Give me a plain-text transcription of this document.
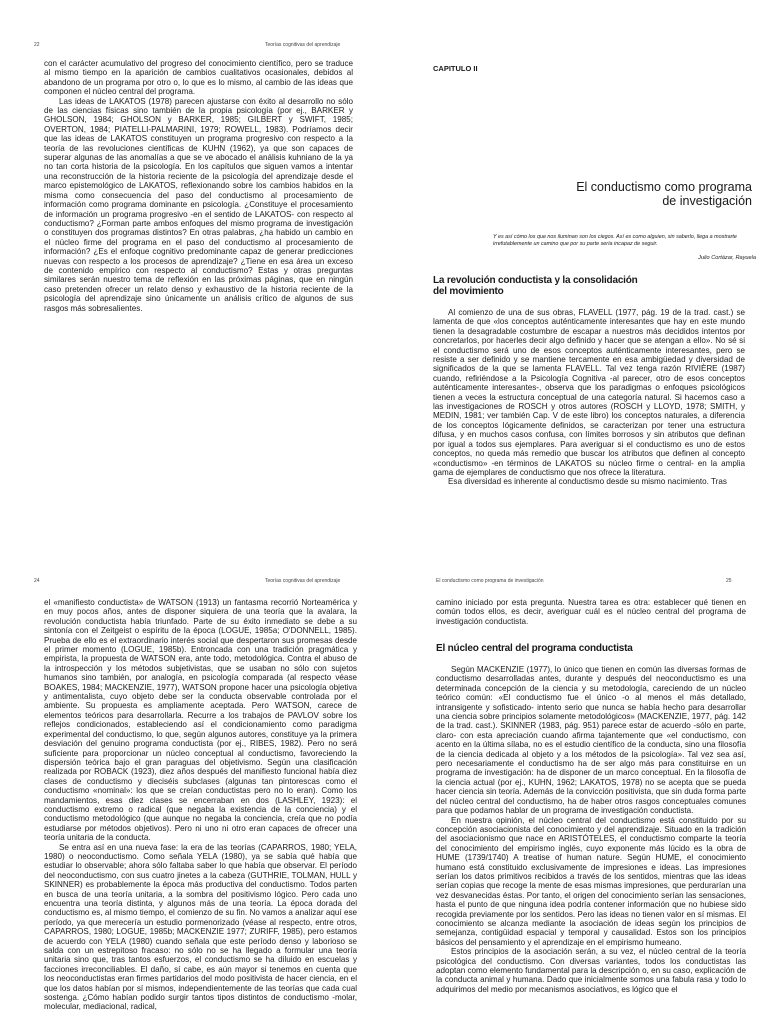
22	Teorías cognitivas del aprendizaje

con el carácter acumulativo del progreso del conocimiento científico, pero se traduce al mismo tiempo en la aparición de cambios cualitativos ocasionales, debidos al abandono de un programa por otro o, lo que es lo mismo, al cambio de las ideas que componen el núcleo central del programa.

Las ideas de LAKATOS (1978) parecen ajustarse con éxito al desarrollo no sólo de las ciencias físicas sino también de la propia psicología (por ej., BARKER y GHOLSON, 1984; GHOLSON y BARKER, 1985; GILBERT y SWIFT, 1985; OVERTON, 1984; PIATELLI-PALMARINI, 1979; ROWELL, 1983). Podríamos decir que las ideas de LAKATOS constituyen un programa progresivo con respecto a la teoría de las revoluciones científicas de KUHN (1962), ya que son capaces de superar algunas de las anomalías a que se ve abocado el análisis kuhniano de la ya no tan corta historia de la psicología. En los capítulos que siguen vamos a intentar una reconstrucción de la historia reciente de la psicología del aprendizaje desde el marco epistemológico de LAKATOS, reflexionando sobre los cambios habidos en la misma como consecuencia del paso del conductismo al procesamiento de información como programa dominante en psicología. ¿Constituye el procesamiento de información un programa progresivo -en el sentido de LAKATOS- con respecto al conductismo? ¿Forman parte ambos enfoques del mismo programa de investigación o constituyen dos programas distintos? En otras palabras, ¿ha habido un cambio en el núcleo firme del programa en el paso del conductismo al procesamiento de información? ¿Es el enfoque cognitivo predominante capaz de generar predicciones nuevas con respecto a los procesos de aprendizaje? ¿Tiene en esa área un exceso de contenido empírico con respecto al conductismo? Estas y otras preguntas similares serán nuestro tema de reflexión en las próximas páginas, que en ningún caso pretenden ofrecer un relato denso y exhaustivo de la historia reciente de la psicología del aprendizaje sino únicamente un análisis crítico de algunos de sus rasgos más sobresalientes.

CAPITULO II
El conductismo como programa
de investigación
Y es así cómo los que nos iluminan son los ciegos. Así es como alguien, sin saberlo, llega a mostrarte irrefutablemente un camino que por su parte sería incapaz de seguir.
Julio Cortázar, Rayuela
La revolución conductista y la consolidación
del movimiento

Al comienzo de una de sus obras, FLAVELL (1977, pág. 19 de la trad. cast.) se lamenta de que «los conceptos auténticamente interesantes que hay en este mundo tienen la desagradable costumbre de escapar a nuestros más decididos intentos por concretarlos, por hacerles decir algo definido y hacer que se atengan a ello». No sé si el conductismo será uno de esos conceptos auténticamente interesantes, pero se resiste a ser definido y se mantiene tercamente en esa ambigüedad y diversidad de significados de la que se lamenta FLAVELL. Tal vez tenga razón RIVIÈRE (1987) cuando, refiriéndose a la Psicología Cognitiva -al parecer, otro de esos conceptos auténticamente interesantes-, observa que los paradigmas o enfoques psicológicos tienen a veces la estructura conceptual de una categoría natural. Si hacemos caso a las investigaciones de ROSCH y otros autores (ROSCH y LLOYD, 1978; SMITH, y MEDIN, 1981; ver también Cap. V de este libro) los conceptos naturales, a diferencia de los conceptos lógicamente definidos, se caracterizan por tener una estructura difusa, y en muchos casos confusa, con límites borrosos y sin atributos que definan por igual a todos sus ejemplares. Para averiguar si el conductismo es uno de estos conceptos, no queda más remedio que buscar los atributos que definen al concepto «conductismo» -en términos de LAKATOS su núcleo firme o central- en la amplia gama de ejemplares de conductismo que nos ofrece la literatura.

Esa diversidad es inherente al conductismo desde su mismo nacimiento. Tras

24	Teorías cognitivas del aprendizaje

el «manifiesto conductista» de WATSON (1913) un fantasma recorrió Norteamérica y en muy pocos años, antes de disponer siquiera de una teoría que la avalara, la revolución conductista había triunfado. Parte de su éxito inmediato se debe a su sintonía con el Zeitgeist o espíritu de la época (LOGUE, 1985a; O'DONNELL, 1985). Prueba de ello es el extraordinario interés social que despertaron sus promesas desde el primer momento (LOGUE, 1985b). Entroncada con una tradición pragmática y empirista, la propuesta de WATSON era, ante todo, metodológica. Contra el abuso de la introspección y los métodos subjetivistas, que se usaban no sólo con sujetos humanos sino también, por analogía, en psicología comparada (al respecto véase BOAKES, 1984; MACKENZIE, 1977), WATSON propone hacer una psicología objetiva y antimentalista, cuyo objeto debe ser la conducta observable controlada por el ambiente. Su propuesta es ampliamente aceptada. Pero WATSON, carece de elementos teóricos para desarrollarla. Recurre a los trabajos de PAVLOV sobre los reflejos condicionados, estableciendo así el condicionamiento como paradigma experimental del conductismo, lo que, según algunos autores, constituye ya la primera desviación del genuino programa conductista (por ej., RIBES, 1982). Pero no será suficiente para proporcionar un núcleo conceptual al conductismo, favoreciendo la dispersión teórica bajo el gran paraguas del objetivismo. Según una clasificación realizada por ROBACK (1923), diez años después del manifiesto funcional había diez clases de conductismo y dieciséis subclases (algunas tan pintorescas como el conductismo «nominal»: los que se creían conductistas pero no lo eran). Como los mandamientos, esas diez clases se encerraban en dos (LASHLEY, 1923): el conductismo extremo o radical (que negaba la existencia de la conciencia) y el conductismo metodológico (que aunque no negaba la conciencia, creía que no podía estudiarse por métodos objetivos). Pero ni uno ni otro eran capaces de ofrecer una teoría unitaria de la conducta.

Se entra así en una nueva fase: la era de las teorías (CAPARROS, 1980; YELA, 1980) o neoconductismo. Como señala YELA (1980), ya se sabía qué había que estudiar lo observable; ahora sólo faltaba saber lo que había que observar. El período del neoconductismo, con sus cuatro jinetes a la cabeza (GUTHRIE, TOLMAN, HULL y SKINNER) es probablemente la época más productiva del conductismo. Todos parten en busca de una teoría unitaria, a la sombra del positivismo lógico. Pero cada uno encuentra una teoría distinta, y algunos más de una teoría. La época dorada del conductismo es, al mismo tiempo, el comienzo de su fin. No vamos a analizar aquí ese período, ya que merecería un estudio pormenorizado (véase al respecto, entre otros, CAPARROS, 1980; LOGUE, 1985b; MACKENZIE 1977; ZURIFF, 1985), pero estamos de acuerdo con YELA (1980) cuando señala que este período denso y laborioso se salda con un estrepitoso fracaso: no sólo no se ha llegado a formular una teoría unitaria sino que, tras tantos esfuerzos, el conductismo se ha diluido en escuelas y facciones irreconciliables. El daño, sí cabe, es aún mayor si tenemos en cuenta que los neoconductistas eran firmes partidarios del modo positivista de hacer ciencia, en el que los datos habían por sí mismos, independientemente de las teorías que cada cual sostenga. ¿Cómo habían podido surgir tantos tipos distintos de conductismo -molar, molecular, mediacional, radical,

El conductismo como programa de investigación	25

camino iniciado por esta pregunta. Nuestra tarea es otra: establecer qué tienen en común todos ellos, es decir, averiguar cuál es el núcleo central del programa de investigación conductista.

El núcleo central del programa conductista

Según MACKENZIE (1977), lo único que tienen en común las diversas formas de conductismo desarrolladas antes, durante y después del neoconductismo es una determinada concepción de la ciencia y su metodología, careciendo de un núcleo teórico común: «El conductismo fue el único -o al menos el más detallado, intransigente y sofisticado- intento serio que nunca se había hecho para desarrollar una ciencia sobre principios solamente metodológicos» (MACKENZIE, 1977, pág. 142 de la trad. cast.). SKINNER (1983, pág. 951) parece estar de acuerdo -sólo en parte, claro- con esta apreciación cuando afirma tajantemente que «el conductismo, con acento en la última sílaba, no es el estudio científico de la conducta, sino una filosofía de la ciencia dedicada al objeto y a los métodos de la psicología». Tal vez sea así, pero necesariamente el conductismo ha de ser algo más para constituirse en un programa de investigación: ha de disponer de un marco conceptual. En la filosofía de la ciencia actual (por ej., KUHN, 1962; LAKATOS, 1978) no se acepta que se pueda hacer ciencia sin teoría. Además de la convicción positivista, que sin duda forma parte del núcleo central del conductismo, ha de haber otros rasgos conceptuales comunes para que podamos hablar de un programa de investigación conductista.

En nuestra opinión, el núcleo central del conductismo está constituido por su concepción asociacionista del conocimiento y del aprendizaje. Situado en la tradición del asociacionismo que nace en ARISTÓTELES, el conductismo comparte la teoría del conocimiento del empirismo inglés, cuyo exponente más lúcido es la obra de HUME (1739/1740) A treatise of human nature. Según HUME, el conocimiento humano está constituido exclusivamente de impresiones e ideas. Las impresiones serían los datos primitivos recibidos a través de los sentidos, mientras que las ideas serían copias que recoge la mente de esas mismas impresiones, que perdurarían una vez desvanecidas éstas. Por tanto, el origen del conocimiento serían las sensaciones, hasta el punto de que ninguna idea podría contener información que no hubiese sido recogida previamente por los sentidos. Pero las ideas no tienen valor en sí mismas. El conocimiento se alcanza mediante la asociación de ideas según los principios de semejanza, contigüidad espacial y temporal y causalidad. Estos son los principios básicos del pensamiento y el aprendizaje en el empirismo humeano.

Estos principios de la asociación serán, a su vez, el núcleo central de la teoría psicológica del conductismo. Con diversas variantes, todos los conductistas las adoptan como elemento fundamental para la descripción o, en su caso, explicación de la conducta animal y humana. Dado que inicialmente somos una fabula rasa y todo lo adquirimos del medio por mecanismos asociativos, es lógico que el
